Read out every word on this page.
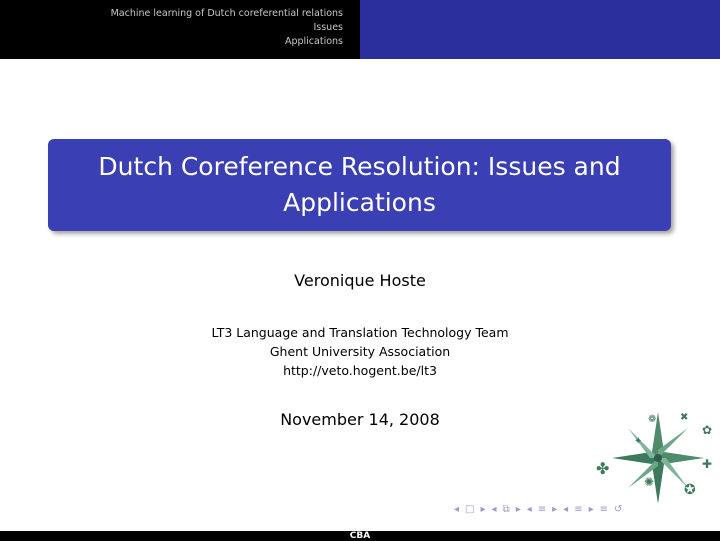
Machine learning of Dutch coreferential relations
Issues
Applications
Dutch Coreference Resolution: Issues and Applications
Veronique Hoste
LT3 Language and Translation Technology Team
Ghent University Association
http://veto.hogent.be/lt3
November 14, 2008	❁ ✖
✿
✚
✪
✦
✤
✺
◂ □ ▸ ◂ ⧉ ▸ ◂ ≡ ▸ ◂ ≡ ▸ ≡ ↺
CBA
